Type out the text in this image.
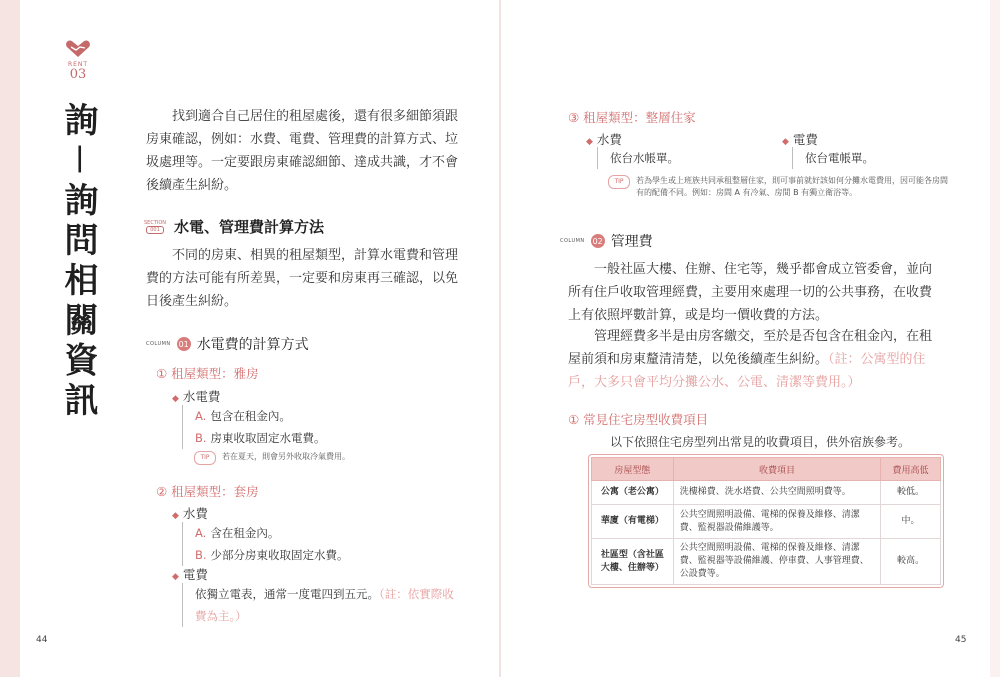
RENT
03
詢－詢問相關資訊	找到適合自己居住的租屋處後，還有很多細節須跟房東確認，例如：水費、電費、管理費的計算方式、垃圾處理等。一定要跟房東確認細節、達成共識，才不會後續產生糾紛。
SECTION
001 水電、管理費計算方法
不同的房東、相異的租屋類型，計算水電費和管理費的方法可能有所差異，一定要和房東再三確認，以免日後產生糾紛。
COLUMN 01 水電費的計算方式
① 租屋類型：雅房
◆ 水電費
A. 包含在租金內。
B. 房東收取固定水電費。
TIP	若在夏天，則會另外收取冷氣費用。
② 租屋類型：套房
◆ 水費
A. 含在租金內。
B. 少部分房東收取固定水費。
◆ 電費
依獨立電表，通常一度電四到五元。（註：依實際收費為主。）
44
③ 租屋類型：整層住家
◆ 水費
依台水帳單。
◆ 電費
依台電帳單。
TIP	若為學生或上班族共同承租整層住家，則可事前就好該如何分攤水電費用，因可能各房間有的配備不同。例如：房間 A 有冷氣、房間 B 有獨立衛浴等。
COLUMN 02 管理費
一般社區大樓、住辦、住宅等，幾乎都會成立管委會，並向所有住戶收取管理經費，主要用來處理一切的公共事務，在收費上有依照坪數計算，或是均一價收費的方法。
管理經費多半是由房客繳交，至於是否包含在租金內，在租屋前須和房東釐清清楚，以免後續產生糾紛。（註：公寓型的住戶，大多只會平均分攤公水、公電、清潔等費用。）
① 常見住宅房型收費項目
以下依照住宅房型列出常見的收費項目，供外宿族參考。
房屋型態	收費項目	費用高低
公寓（老公寓）	洗樓梯費、洗水塔費、公共空間照明費等。	較低。
華廈（有電梯）	公共空間照明設備、電梯的保養及維修、清潔費、監視器設備維護等。	中。
社區型（含社區大樓、住辦等）	公共空間照明設備、電梯的保養及維修、清潔費、監視器等設備維護、停車費、人事管理費、公設費等。	較高。
45
